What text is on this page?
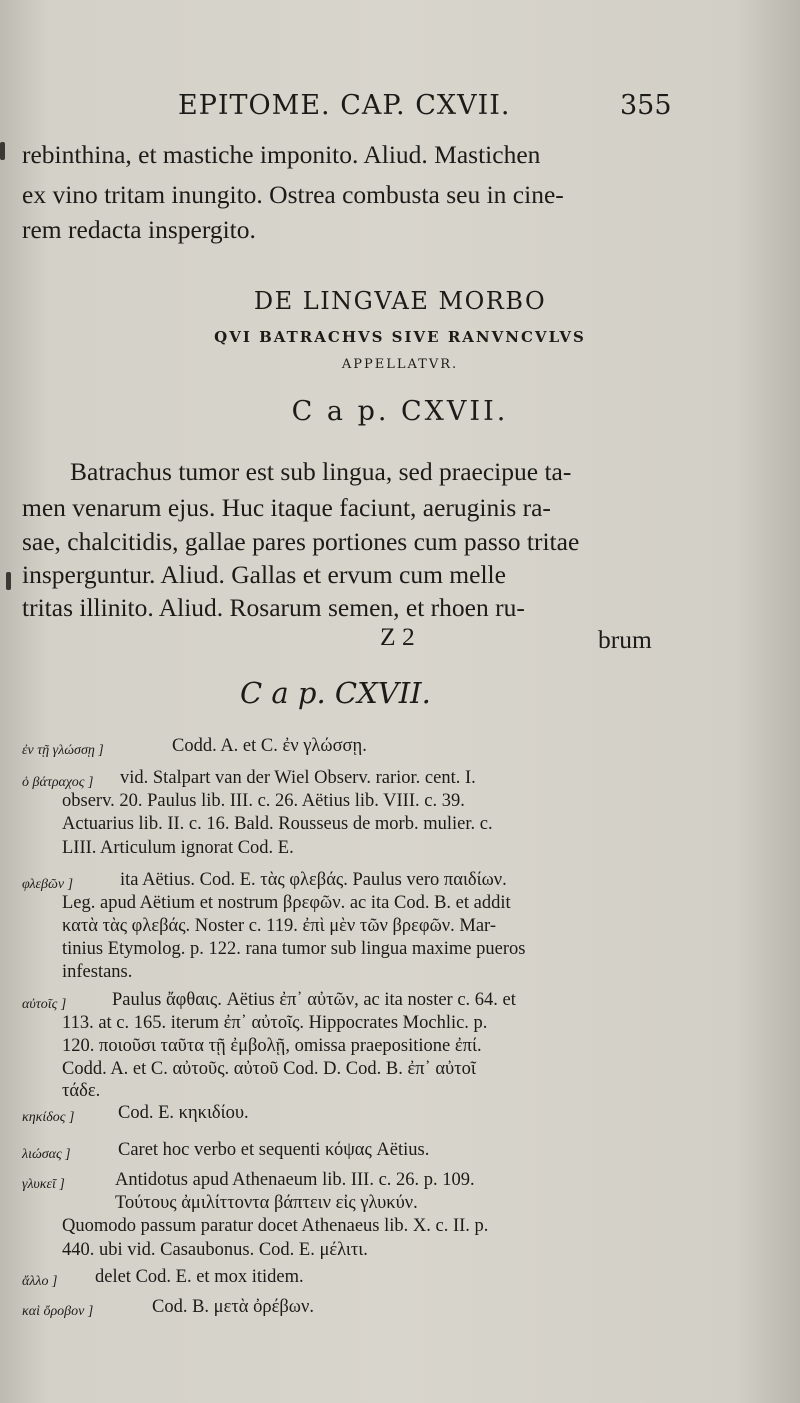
EPITOME. CAP. CXVII.	355
rebinthina, et mastiche imponito. Aliud. Mastichen
ex vino tritam inungito. Ostrea combusta seu in cine-
rem redacta inspergito.
DE LINGVAE MORBO
QVI BATRACHVS SIVE RANVNCVLVS
APPELLATVR.
C a p. CXVII.
Batrachus tumor est sub lingua, sed praecipue ta-
men venarum ejus. Huc itaque faciunt, aeruginis ra-
sae, chalcitidis, gallae pares portiones cum passo tritae
insperguntur. Aliud. Gallas et ervum cum melle
tritas illinito. Aliud. Rosarum semen, et rhoen ru-
Z 2	brum
C a p. CXVII.
ἐν τῇ γλώσσῃ ]	Codd. A. et C. ἐν γλώσσῃ.
ὁ βάτραχος ] vid. Stalpart van der Wiel Observ. rarior. cent. I.
observ. 20. Paulus lib. III. c. 26. Aëtius lib. VIII. c. 39.
Actuarius lib. II. c. 16. Bald. Rousseus de morb. mulier. c.
LIII. Articulum ignorat Cod. E.
φλεβῶν ]	ita Aëtius. Cod. E. τὰς φλεβάς. Paulus vero παιδίων.
Leg. apud Aëtium et nostrum βρεφῶν. ac ita Cod. B. et addit
κατὰ τὰς φλεβάς. Noster c. 119. ἐπὶ μὲν τῶν βρεφῶν. Mar-
tinius Etymolog. p. 122. rana tumor sub lingua maxime pueros
infestans.
αὐτοῖς ] Paulus ἄφθαις. Aëtius ἐπ᾽ αὐτῶν, ac ita noster c. 64. et
113. at c. 165. iterum ἐπ᾽ αὐτοῖς. Hippocrates Mochlic. p.
120. ποιοῦσι ταῦτα τῇ ἐμβολῇ, omissa praepositione ἐπί.
Codd. A. et C. αὐτοῦς. αὐτοῦ Cod. D. Cod. B. ἐπ᾽ αὐτοῖ
τάδε.
κηκίδος ] Cod. E. κηκιδίου.
λιώσας ]	Caret hoc verbo et sequenti κόψας Aëtius.
γλυκεῖ ]	Antidotus apud Athenaeum lib. III. c. 26. p. 109.
Τούτους ἀμιλίττοντα βάπτειν εἰς γλυκύν.
Quomodo passum paratur docet Athenaeus lib. X. c. II. p.
440. ubi vid. Casaubonus. Cod. E. μέλιτι.
ἄλλο ] delet Cod. E. et mox itidem.
καὶ ὄροβον ]	Cod. B. μετὰ ὀρέβων.
